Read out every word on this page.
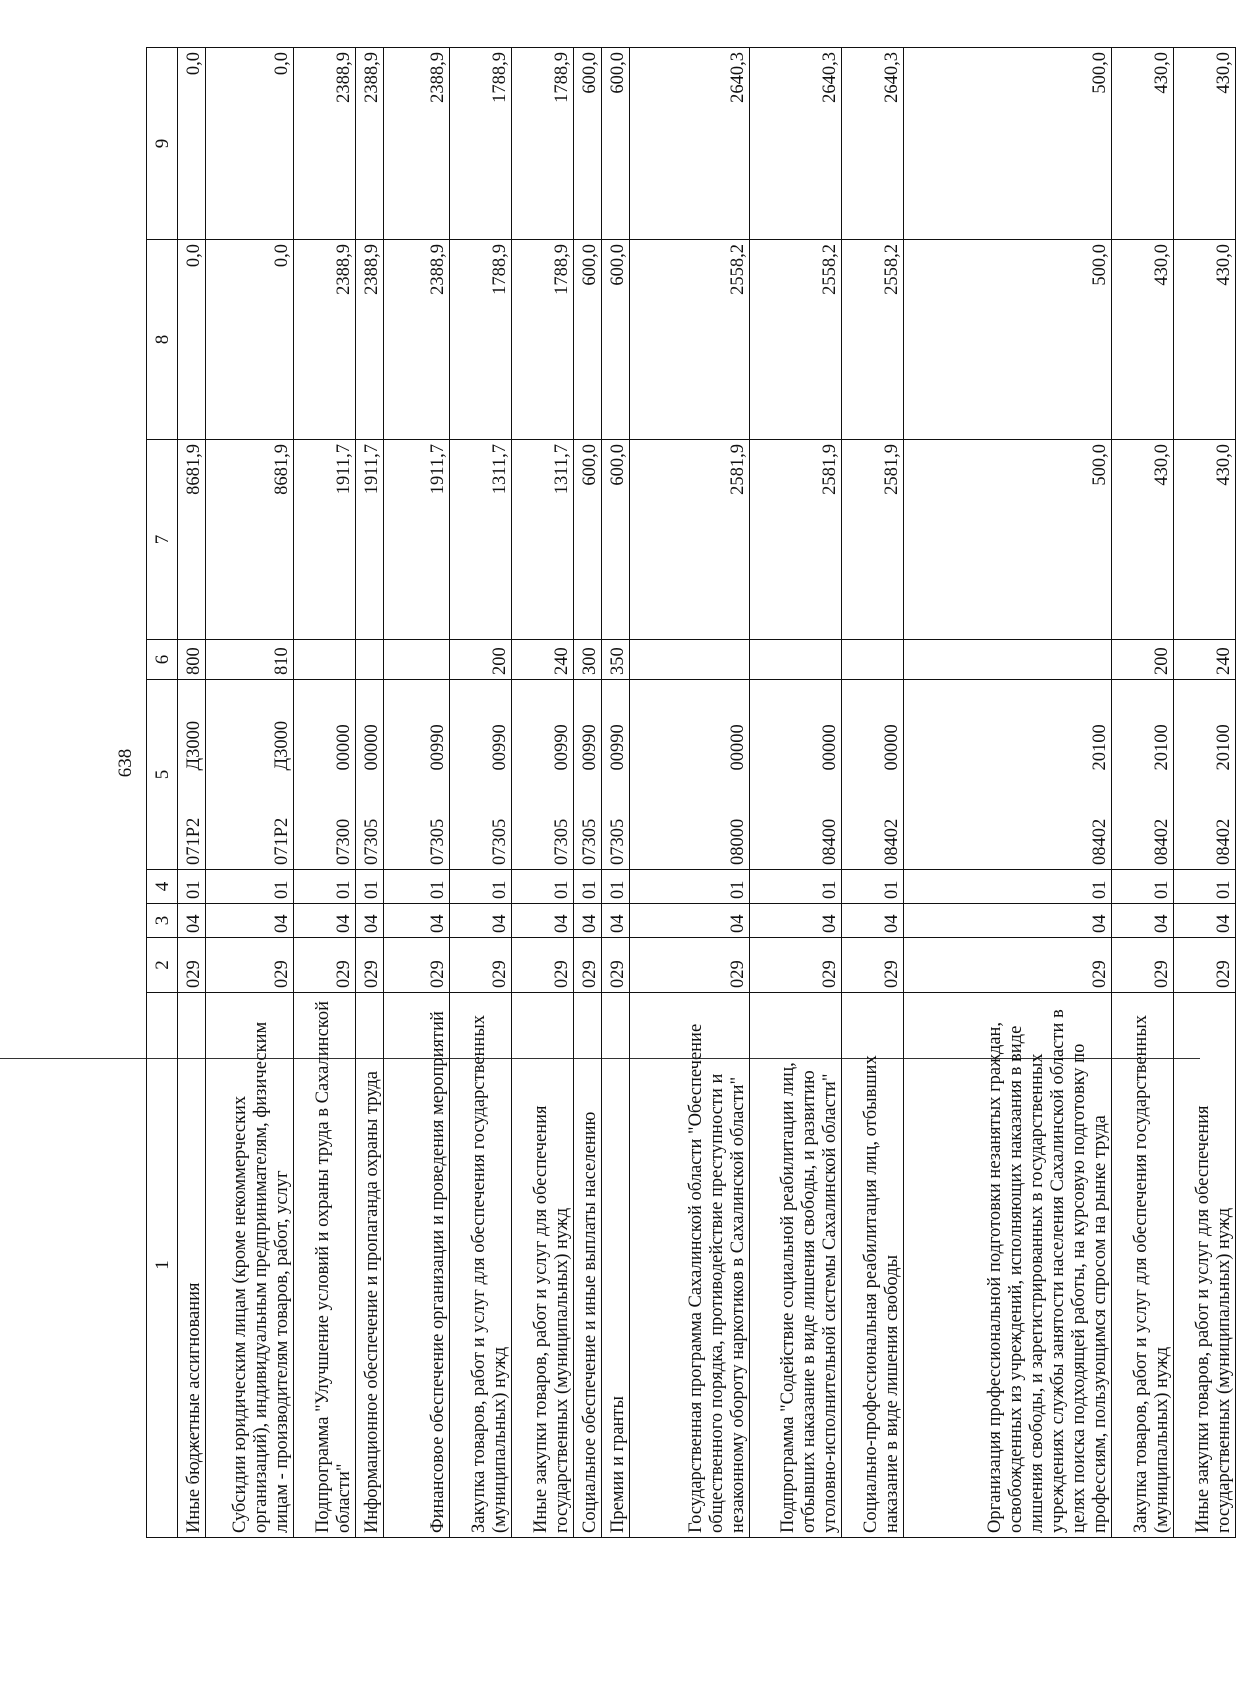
638
1	2	3	4	5		6	7	8	9
Иные бюджетные ассигнования	029	04	01	071Р2	Д3000	800	8681,9	0,0	0,0
Субсидии юридическим лицам (кроме некоммерческих организаций), индивидуальным предпринимателям, физическим лицам - производителям товаров, работ, услуг	029	04	01	071Р2	Д3000	810	8681,9	0,0	0,0
Подпрограмма "Улучшение условий и охраны труда в Сахалинской области"	029	04	01	07300	00000		1911,7	2388,9	2388,9
Информационное обеспечение и пропаганда охраны труда	029	04	01	07305	00000		1911,7	2388,9	2388,9
Финансовое обеспечение организации и проведения мероприятий	029	04	01	07305	00990		1911,7	2388,9	2388,9
Закупка товаров, работ и услуг для обеспечения государственных (муниципальных) нужд	029	04	01	07305	00990	200	1311,7	1788,9	1788,9
Иные закупки товаров, работ и услуг для обеспечения государственных (муниципальных) нужд	029	04	01	07305	00990	240	1311,7	1788,9	1788,9
Социальное обеспечение и иные выплаты населению	029	04	01	07305	00990	300	600,0	600,0	600,0
Премии и гранты	029	04	01	07305	00990	350	600,0	600,0	600,0
Государственная программа Сахалинской области "Обеспечение общественного порядка, противодействие преступности и незаконному обороту наркотиков в Сахалинской области"	029	04	01	08000	00000		2581,9	2558,2	2640,3
Подпрограмма "Содействие социальной реабилитации лиц, отбывших наказание в виде лишения свободы, и развитию уголовно-исполнительной системы Сахалинской области"	029	04	01	08400	00000		2581,9	2558,2	2640,3
Социально-профессиональная реабилитация лиц, отбывших наказание в виде лишения свободы	029	04	01	08402	00000		2581,9	2558,2	2640,3
Организация профессиональной подготовки незанятых граждан, освобожденных из учреждений, исполняющих наказания в виде лишения свободы, и зарегистрированных в государственных учреждениях службы занятости населения Сахалинской области в целях поиска подходящей работы, на курсовую подготовку по профессиям, пользующимся спросом на рынке труда	029	04	01	08402	20100		500,0	500,0	500,0
Закупка товаров, работ и услуг для обеспечения государственных (муниципальных) нужд	029	04	01	08402	20100	200	430,0	430,0	430,0
Иные закупки товаров, работ и услуг для обеспечения государственных (муниципальных) нужд	029	04	01	08402	20100	240	430,0	430,0	430,0
